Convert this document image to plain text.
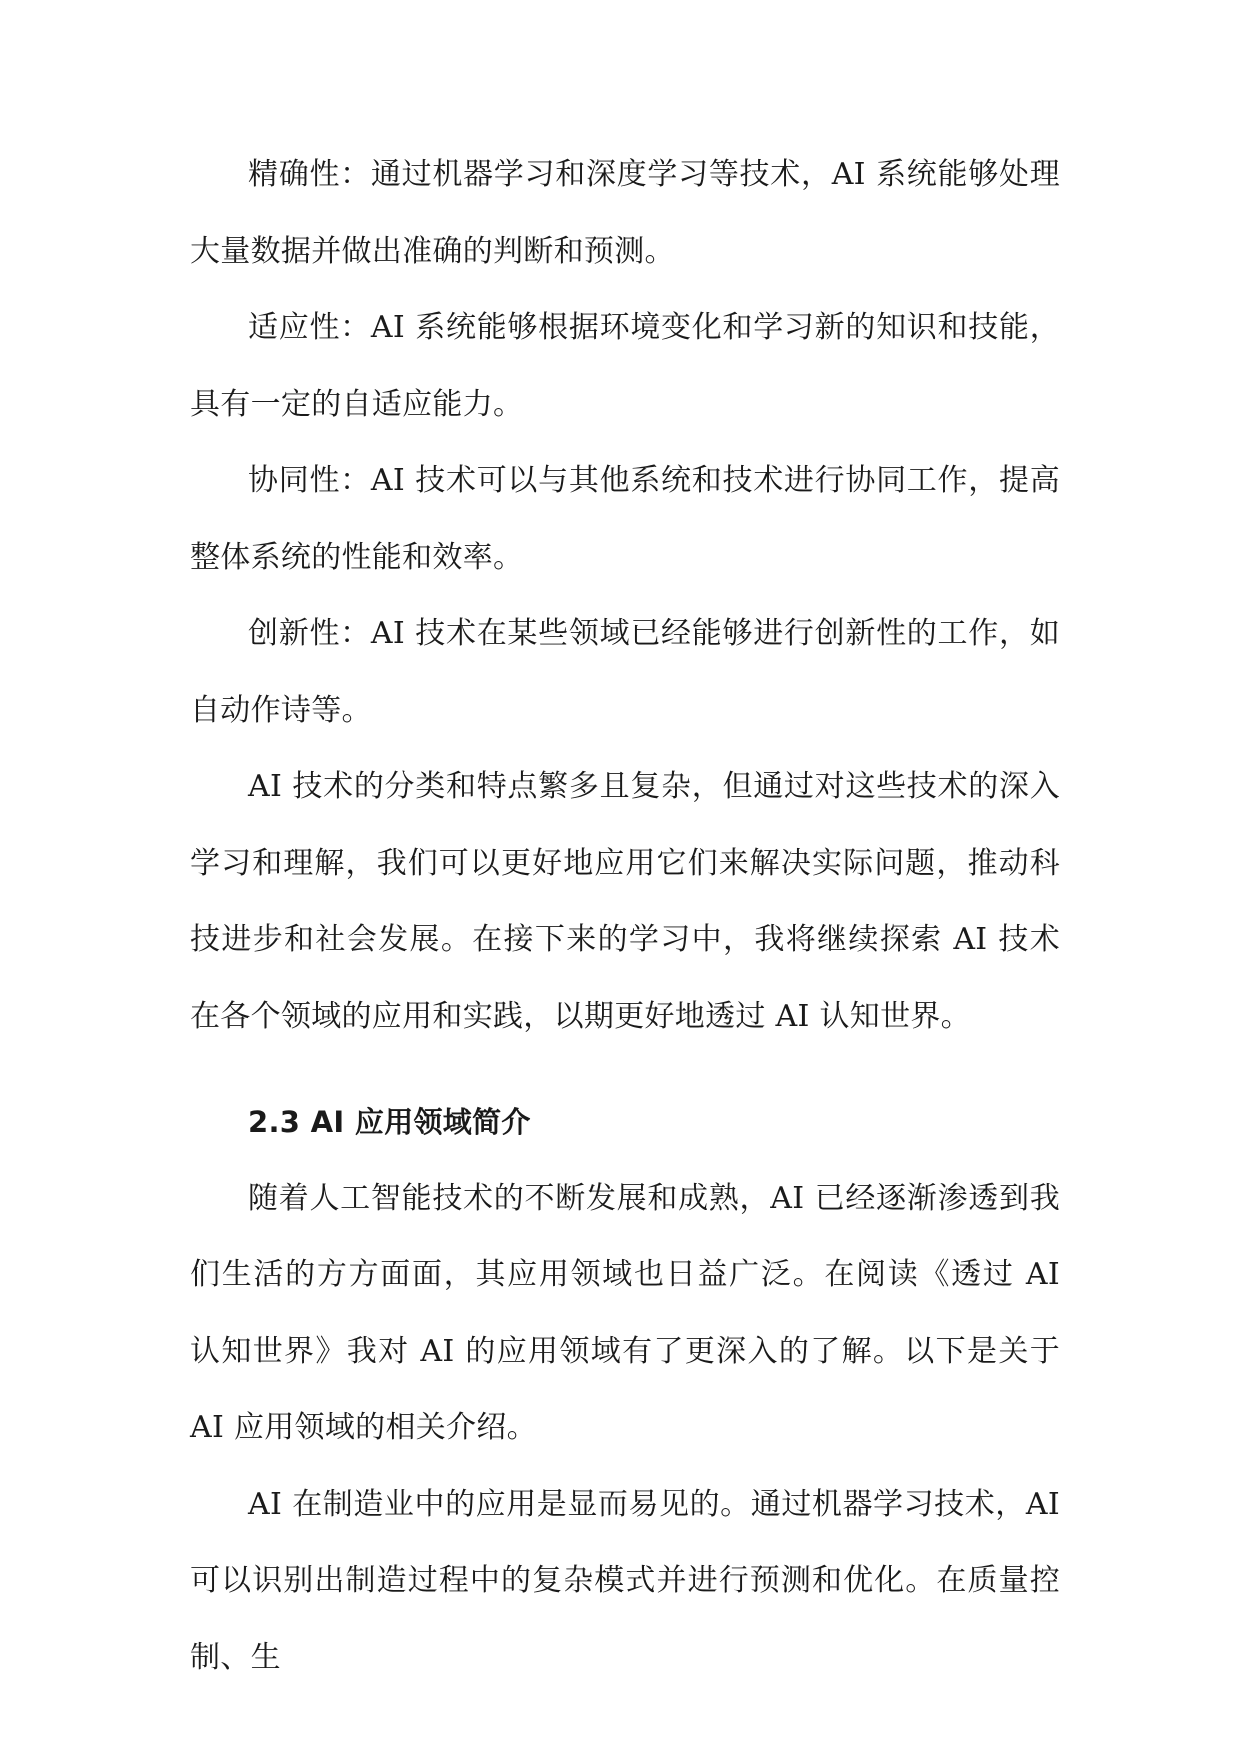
精确性：通过机器学习和深度学习等技术，AI 系统能够处理大量数据并做出准确的判断和预测。

适应性：AI 系统能够根据环境变化和学习新的知识和技能，具有一定的自适应能力。

协同性：AI 技术可以与其他系统和技术进行协同工作，提高整体系统的性能和效率。

创新性：AI 技术在某些领域已经能够进行创新性的工作，如自动作诗等。

AI 技术的分类和特点繁多且复杂，但通过对这些技术的深入学习和理解，我们可以更好地应用它们来解决实际问题，推动科技进步和社会发展。在接下来的学习中，我将继续探索 AI 技术在各个领域的应用和实践，以期更好地透过 AI 认知世界。

2.3 AI 应用领域简介

随着人工智能技术的不断发展和成熟，AI 已经逐渐渗透到我们生活的方方面面，其应用领域也日益广泛。在阅读《透过 AI 认知世界》我对 AI 的应用领域有了更深入的了解。以下是关于 AI 应用领域的相关介绍。

AI 在制造业中的应用是显而易见的。通过机器学习技术，AI 可以识别出制造过程中的复杂模式并进行预测和优化。在质量控制、生
